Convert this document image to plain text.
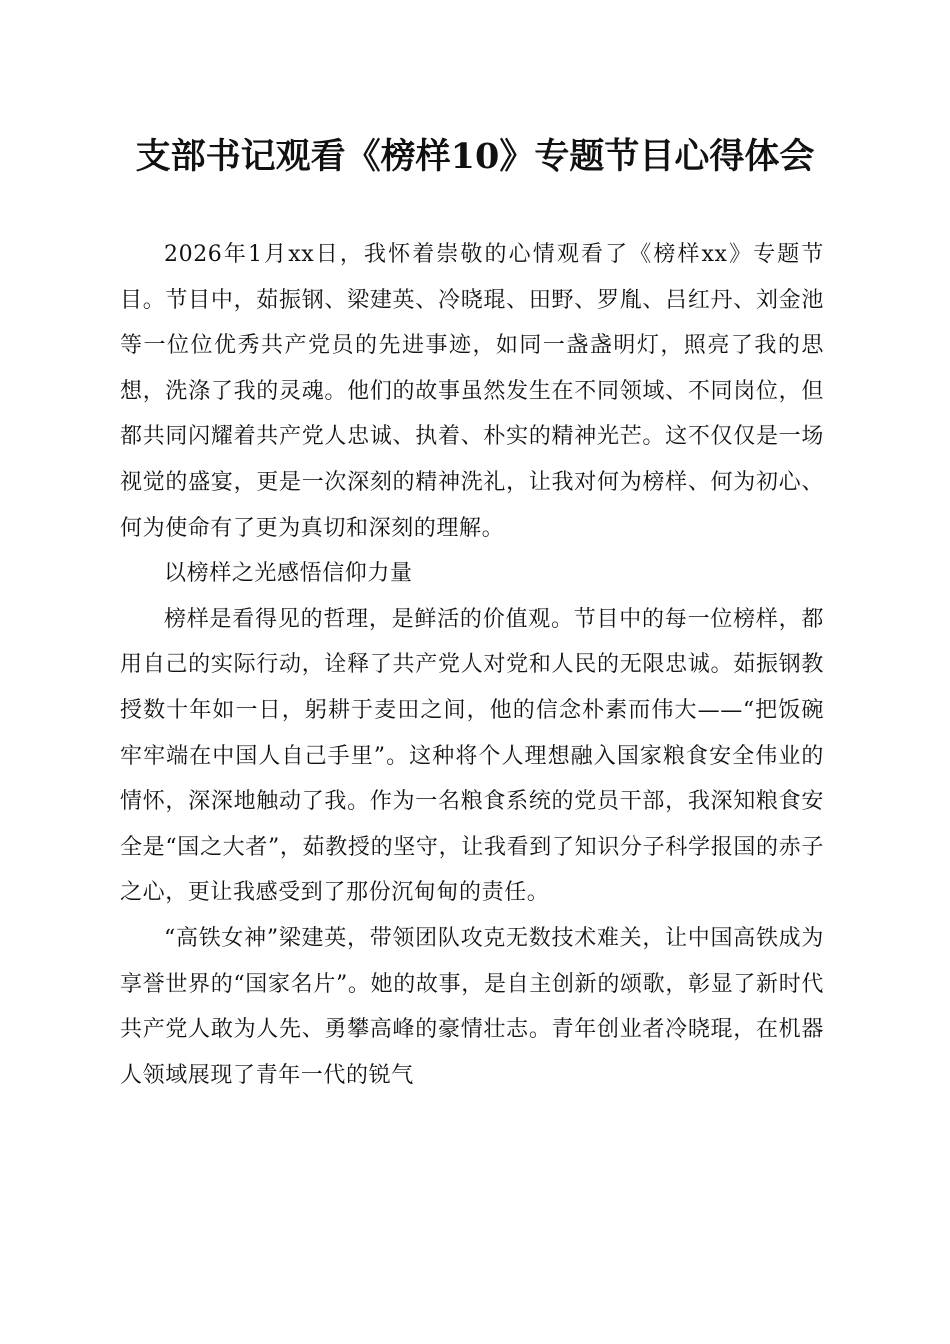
支部书记观看《榜样10》专题节目心得体会

2026年1月xx日，我怀着崇敬的心情观看了《榜样xx》专题节目。节目中，茹振钢、梁建英、冷晓琨、田野、罗胤、吕红丹、刘金池等一位位优秀共产党员的先进事迹，如同一盏盏明灯，照亮了我的思想，洗涤了我的灵魂。他们的故事虽然发生在不同领域、不同岗位，但都共同闪耀着共产党人忠诚、执着、朴实的精神光芒。这不仅仅是一场视觉的盛宴，更是一次深刻的精神洗礼，让我对何为榜样、何为初心、何为使命有了更为真切和深刻的理解。

以榜样之光感悟信仰力量

榜样是看得见的哲理，是鲜活的价值观。节目中的每一位榜样，都用自己的实际行动，诠释了共产党人对党和人民的无限忠诚。茹振钢教授数十年如一日，躬耕于麦田之间，他的信念朴素而伟大——“把饭碗牢牢端在中国人自己手里”。这种将个人理想融入国家粮食安全伟业的情怀，深深地触动了我。作为一名粮食系统的党员干部，我深知粮食安全是“国之大者”，茹教授的坚守，让我看到了知识分子科学报国的赤子之心，更让我感受到了那份沉甸甸的责任。

“高铁女神”梁建英，带领团队攻克无数技术难关，让中国高铁成为享誉世界的“国家名片”。她的故事，是自主创新的颂歌，彰显了新时代共产党人敢为人先、勇攀高峰的豪情壮志。青年创业者冷晓琨，在机器人领域展现了青年一代的锐气
